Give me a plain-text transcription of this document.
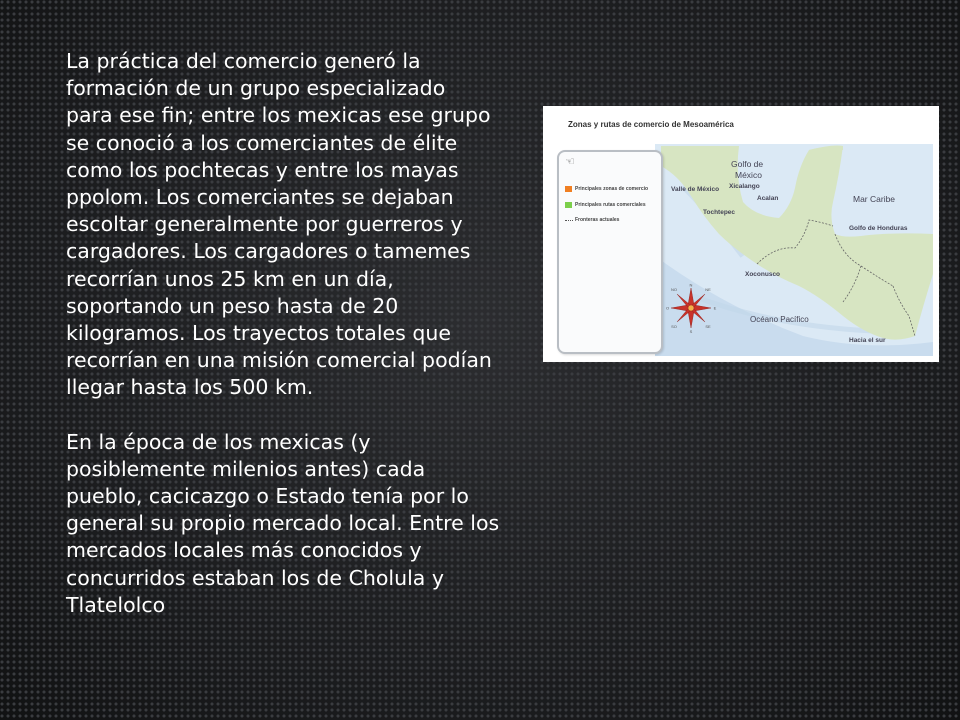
La práctica del comercio generó la
formación de un grupo especializado
para ese fin; entre los mexicas ese grupo
se conoció a los comerciantes de élite
como los pochtecas y entre los mayas
ppolom. Los comerciantes se dejaban
escoltar generalmente por guerreros y
cargadores. Los cargadores o tamemes
recorrían unos 25 km en un día,
soportando un peso hasta de 20
kilogramos. Los trayectos totales que
recorrían en una misión comercial podían
llegar hasta los 500 km.

En la época de los mexicas (y
posiblemente milenios antes) cada
pueblo, cacicazgo o Estado tenía por lo
general su propio mercado local. Entre los
mercados locales más conocidos y
concurridos estaban los de Cholula y
Tlatelolco

Zonas y rutas de comercio de Mesoamérica
☜
Principales zonas de comercio
Principales rutas comerciales
Fronteras actuales
Valle de México
Golfo de
México
Xicalango
Acalan
Tochtepec
Mar Caribe
Golfo de Honduras
Xoconusco
Océano Pacífico
Hacia el sur
N
S
E
O
NE
NO
SE
SO
